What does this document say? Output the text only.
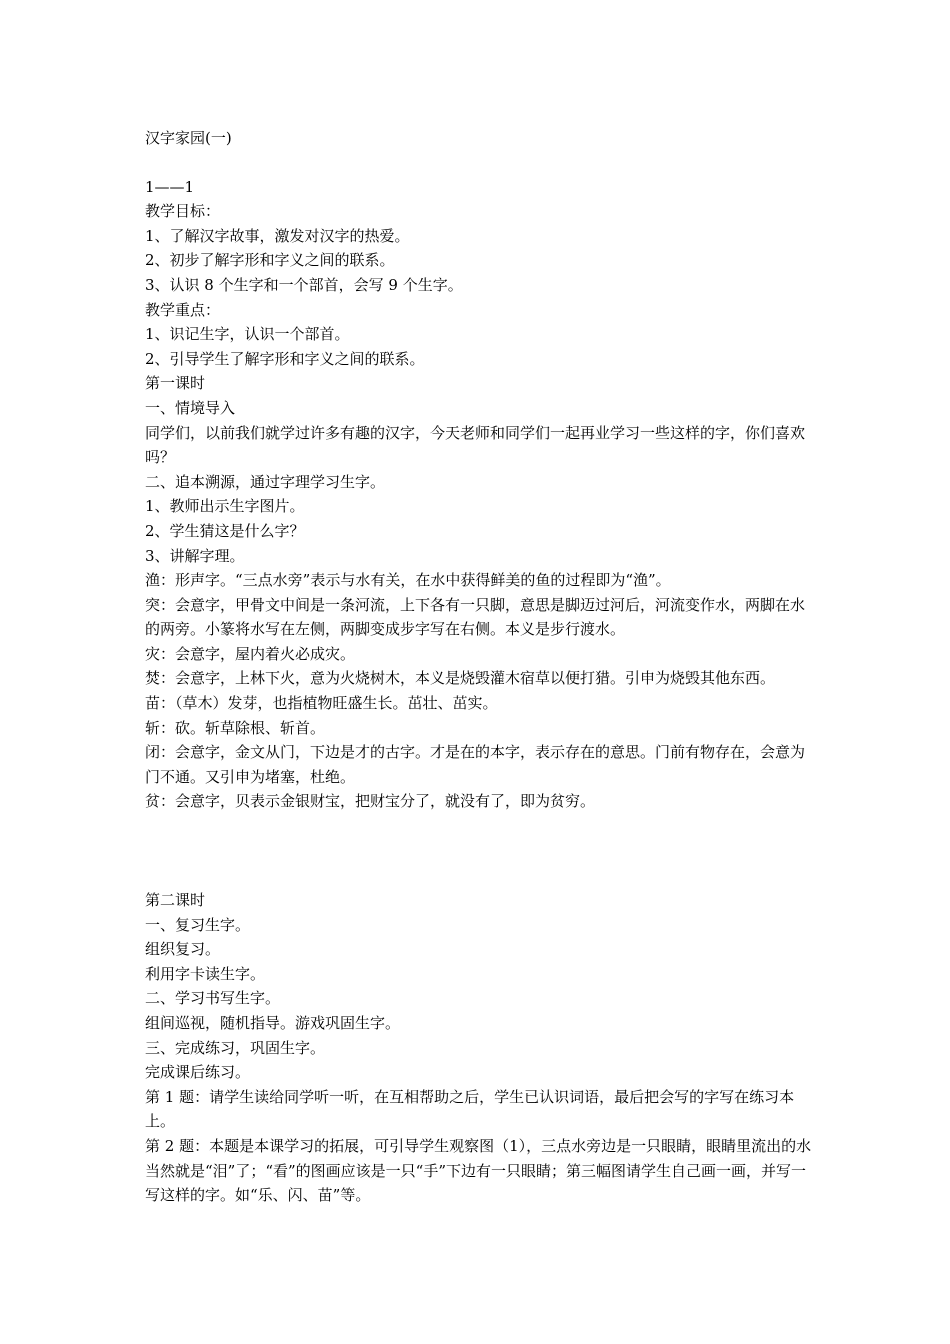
汉字家园(一)

1——1

教学目标：

1、了解汉字故事，激发对汉字的热爱。

2、初步了解字形和字义之间的联系。

3、认识 8 个生字和一个部首，会写 9 个生字。

教学重点：

1、识记生字，认识一个部首。

2、引导学生了解字形和字义之间的联系。

第一课时

一、情境导入

同学们，以前我们就学过许多有趣的汉字，今天老师和同学们一起再业学习一些这样的字，你们喜欢吗？

二、追本溯源，通过字理学习生字。

1、教师出示生字图片。

2、学生猜这是什么字？

3、讲解字理。

渔：形声字。“三点水旁”表示与水有关，在水中获得鲜美的鱼的过程即为“渔”。

突：会意字，甲骨文中间是一条河流，上下各有一只脚，意思是脚迈过河后，河流变作水，两脚在水的两旁。小篆将水写在左侧，两脚变成步字写在右侧。本义是步行渡水。

灾：会意字，屋内着火必成灾。

焚：会意字，上林下火，意为火烧树木，本义是烧毁灌木宿草以便打猎。引申为烧毁其他东西。

苗：（草木）发芽，也指植物旺盛生长。茁壮、茁实。

斩：砍。斩草除根、斩首。

闭：会意字，金文从门，下边是才的古字。才是在的本字，表示存在的意思。门前有物存在，会意为门不通。又引申为堵塞，杜绝。

贫：会意字，贝表示金银财宝，把财宝分了，就没有了，即为贫穷。

第二课时

一、复习生字。

组织复习。

利用字卡读生字。

二、学习书写生字。

组间巡视，随机指导。游戏巩固生字。

三、完成练习，巩固生字。

完成课后练习。

第 1 题：请学生读给同学听一听，在互相帮助之后，学生已认识词语，最后把会写的字写在练习本上。

第 2 题：本题是本课学习的拓展，可引导学生观察图（1），三点水旁边是一只眼睛，眼睛里流出的水当然就是“泪”了；“看”的图画应该是一只“手”下边有一只眼睛；第三幅图请学生自己画一画，并写一写这样的字。如“乐、闪、苗”等。
